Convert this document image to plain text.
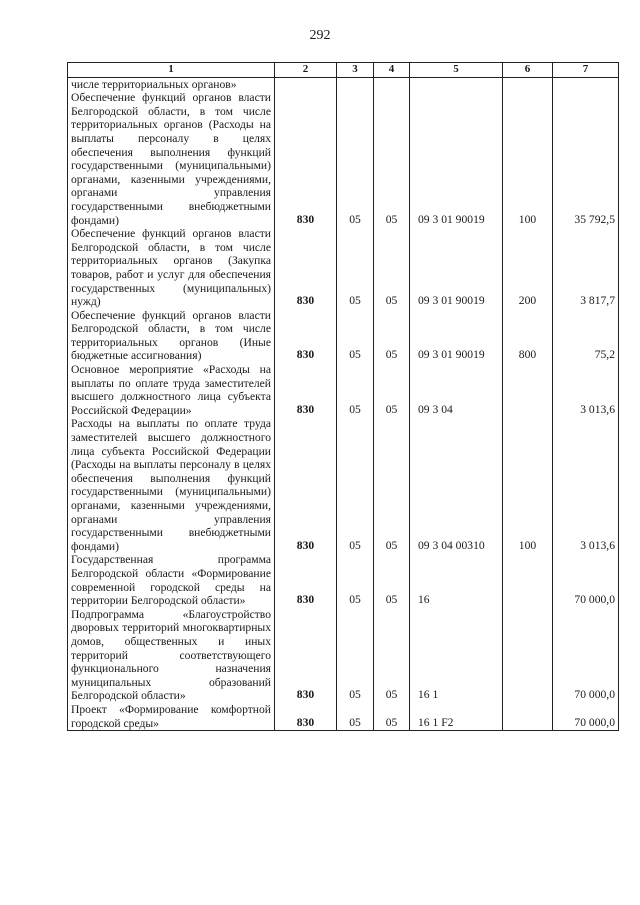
292
1	2	3	4	5	6	7
числе территориальных органов»						
Обеспечение функций органов власти Белгородской области, в том числе территориальных органов (Расходы на выплаты персоналу в целях обеспечения выполнения функций государственными (муниципальными) органами, казенными учреждениями, органами управления государственными внебюджетными фондами)	830	05	05	09 3 01 90019	100	35 792,5
Обеспечение функций органов власти Белгородской области, в том числе территориальных органов (Закупка товаров, работ и услуг для обеспечения государственных (муниципальных) нужд)	830	05	05	09 3 01 90019	200	3 817,7
Обеспечение функций органов власти Белгородской области, в том числе территориальных органов (Иные бюджетные ассигнования)	830	05	05	09 3 01 90019	800	75,2
Основное мероприятие «Расходы на выплаты по оплате труда заместителей высшего должностного лица субъекта Российской Федерации»	830	05	05	09 3 04		3 013,6
Расходы на выплаты по оплате труда заместителей высшего должностного лица субъекта Российской Федерации (Расходы на выплаты персоналу в целях обеспечения выполнения функций государственными (муниципальными) органами, казенными учреждениями, органами управления государственными внебюджетными фондами)	830	05	05	09 3 04 00310	100	3 013,6
Государственная программа Белгородской области «Формирование современной городской среды на территории Белгородской области»	830	05	05	16		70 000,0
Подпрограмма «Благоустройство дворовых территорий многоквартирных домов, общественных и иных территорий соответствующего функционального назначения муниципальных образований Белгородской области»	830	05	05	16 1		70 000,0
Проект «Формирование комфортной городской среды»	830	05	05	16 1 F2		70 000,0
